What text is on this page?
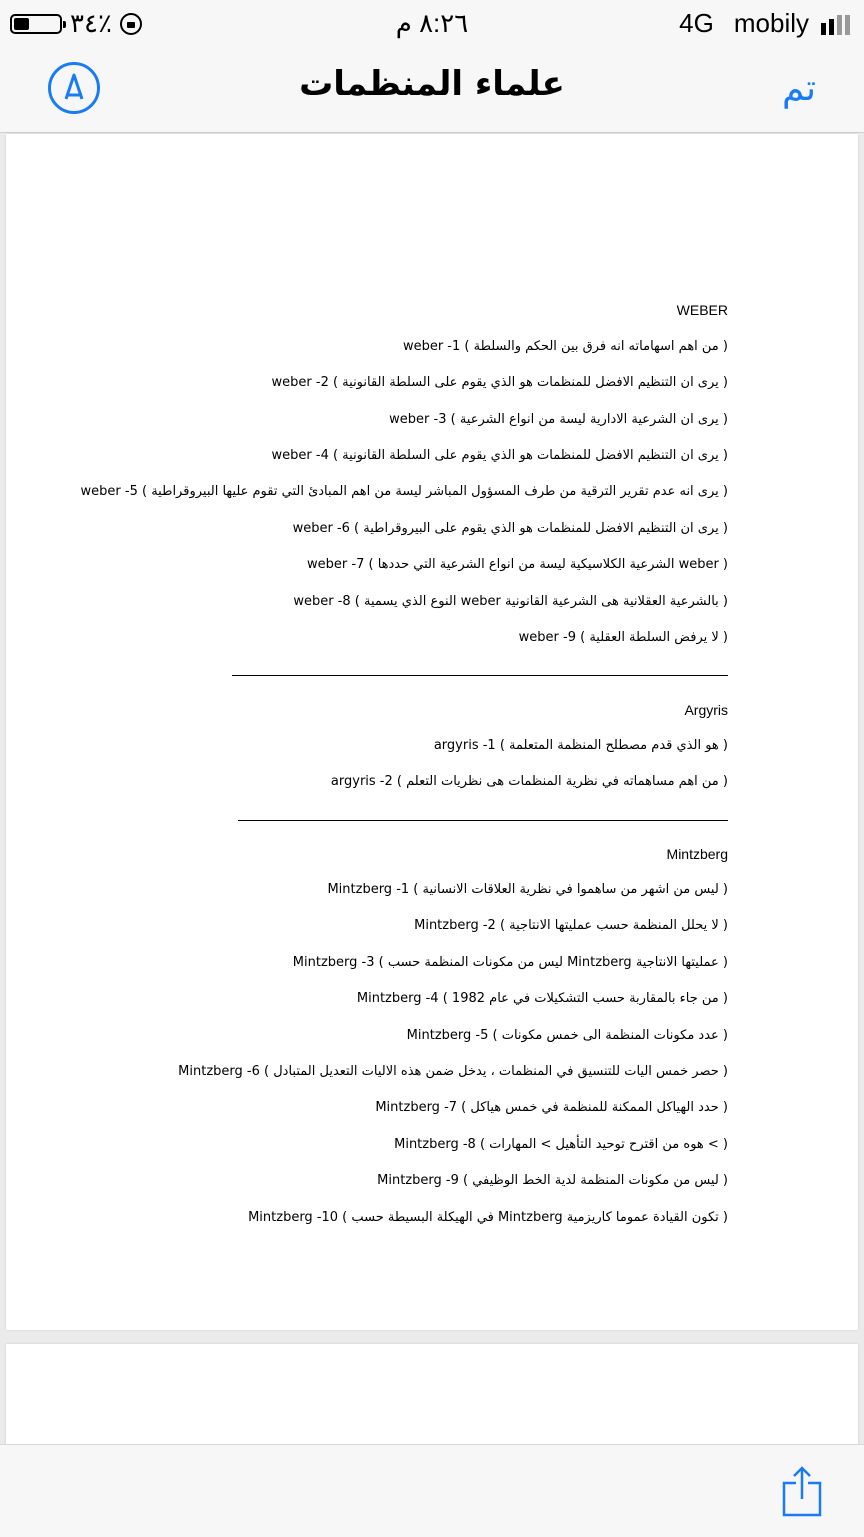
٣٤٪	٨:٢٦ م	4G mobily
علماء المنظمات	تم
WEBER
weber -1 ( من اهم اسهاماته انه فرق بين الحكم والسلطة )
weber -2 ( يرى ان التنظيم الافضل للمنظمات هو الذي يقوم على السلطة القانونية )
weber -3 ( يرى ان الشرعية الادارية ليسة من انواع الشرعية )
weber -4 ( يرى ان التنظيم الافضل للمنظمات هو الذي يقوم على السلطة القانونية )
weber -5 ( يرى انه عدم تقرير الترقية من طرف المسؤول المباشر ليسة من اهم المبادئ التي تقوم عليها البيروقراطية )
weber -6 ( يرى ان التنظيم الافضل للمنظمات هو الذي يقوم على البيروقراطية )
weber -7 ( الشرعية الكلاسيكية ليسة من انواع الشرعية التي حددها weber )
weber -8 ( النوع الذي يسمية weber بالشرعية العقلانية هى الشرعية القانونية )
weber -9 ( لا يرفض السلطة العقلية )
Argyris
argyris -1 ( هو الذي قدم مصطلح المنظمة المتعلمة )
argyris -2 ( من اهم مساهماته في نظرية المنظمات هى نظريات التعلم )
Mintzberg
Mintzberg -1 ( ليس من اشهر من ساهموا في نظرية العلاقات الانسانية )
Mintzberg -2 ( لا يحلل المنظمة حسب عمليتها الانتاجية )
Mintzberg -3 ( ليس من مكونات المنظمة حسب Mintzberg عمليتها الانتاجية )
Mintzberg -4 ( من جاء بالمقاربة حسب التشكيلات في عام 1982 )
Mintzberg -5 ( عدد مكونات المنظمة الى خمس مكونات )
Mintzberg -6 ( حصر خمس اليات للتنسيق في المنظمات ، يدخل ضمن هذه الاليات التعديل المتبادل )
Mintzberg -7 ( حدد الهياكل الممكنة للمنظمة في خمس هياكل )
Mintzberg -8 ( هوه من اقترح توحيد التأهيل > المهارات < )
Mintzberg -9 ( ليس من مكونات المنظمة لدية الخط الوظيفي )
Mintzberg -10 ( في الهيكلة البسيطة حسب Mintzberg تكون القيادة عموما كاريزمية )
